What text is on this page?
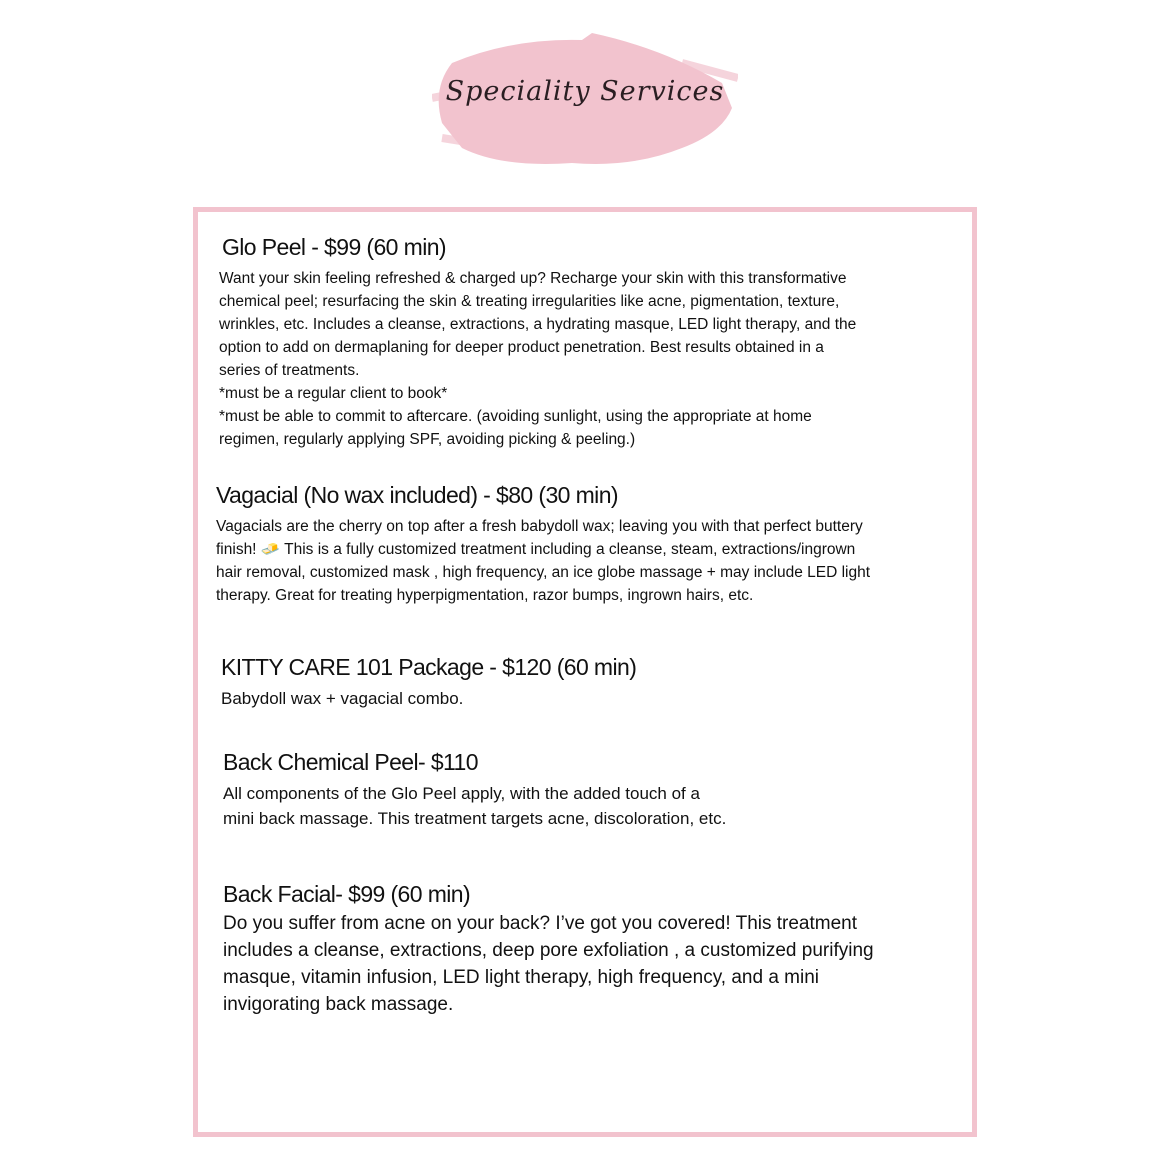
Speciality Services
Glo Peel - $99 (60 min)
Want your skin feeling refreshed & charged up? Recharge your skin with this transformative
chemical peel; resurfacing the skin & treating irregularities like acne, pigmentation, texture,
wrinkles, etc. Includes a cleanse, extractions, a hydrating masque, LED light therapy, and the
option to add on dermaplaning for deeper product penetration. Best results obtained in a
series of treatments.
*must be a regular client to book*
*must be able to commit to aftercare. (avoiding sunlight, using the appropriate at home
regimen, regularly applying SPF, avoiding picking & peeling.)
Vagacial (No wax included) - $80 (30 min)
Vagacials are the cherry on top after a fresh babydoll wax; leaving you with that perfect buttery
finish! 🧈 This is a fully customized treatment including a cleanse, steam, extractions/ingrown
hair removal, customized mask , high frequency, an ice globe massage + may include LED light
therapy. Great for treating hyperpigmentation, razor bumps, ingrown hairs, etc.
KITTY CARE 101 Package - $120 (60 min)
Babydoll wax + vagacial combo.
Back Chemical Peel- $110
All components of the Glo Peel apply, with the added touch of a
mini back massage. This treatment targets acne, discoloration, etc.
Back Facial- $99 (60 min)
Do you suffer from acne on your back? I’ve got you covered! This treatment
includes a cleanse, extractions, deep pore exfoliation , a customized purifying
masque, vitamin infusion, LED light therapy, high frequency, and a mini
invigorating back massage.
